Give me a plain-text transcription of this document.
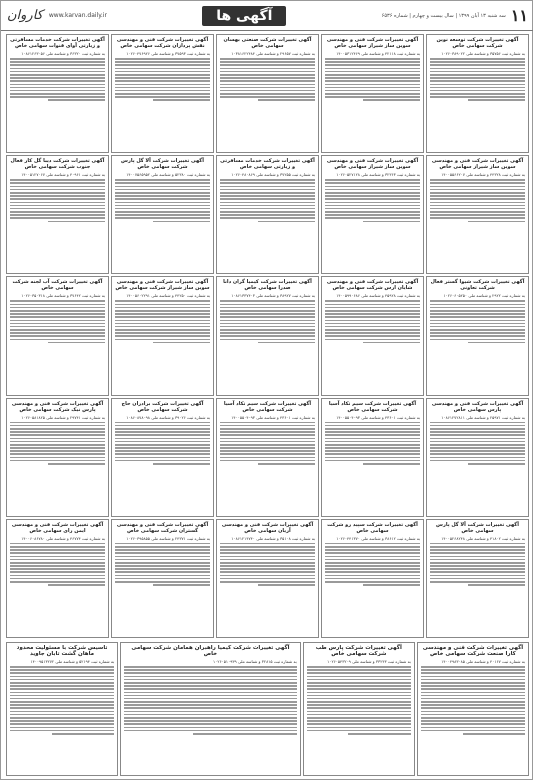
کاروان www.karvan.daily.ir	آگهی ها	سه شنبه ۱۳ آبان ۱۳۹۹ | سال بیست و چهارم | شماره ۶۵۳۶ ۱۱
آگهی تغییرات شرکت توسعه نوین شرکت سهامی خاص
به شماره ثبت ۳۵۷۵۶ و شناسه ملی ۱۰۲۶۰۳۸۹۰۲۲
آگهی تغییرات شرکت فنی و مهندسی سوین ساز شیراز سهامی خاص
به شماره ثبت ۴۲۱۱۸ و شناسه ملی ۱۴۰۰۵۳۱۲۴۶۹
آگهی تغییرات شرکت صنعتی بهسان سهامی خاص
به شماره ثبت ۲۹۶۵۷ و شناسه ملی ۱۰۳۸۱۶۲۲۴۸۴
آگهی تغییرات شرکت فنی و مهندسی نقش پردازان شرکت سهامی خاص
به شماره ثبت ۳۷۵۹۳ و شناسه ملی ۱۰۲۶۰۴۷۶۹۲۶
آگهی تغییرات شرکت خدمات مسافرتی و زیارتی آوای قنوات سهامی خاص
به شماره ثبت ۳۶۳۲۰ و شناسه ملی ۱۰۸۶۱۲۶۳۰۵۶
آگهی تغییرات شرکت فنی و مهندسی سوین ساز شیراز سهامی خاص
به شماره ثبت ۴۴۳۲۸ و شناسه ملی ۱۴۰۰۵۵۶۶۲۰۷
آگهی تغییرات شرکت فنی و مهندسی سوین ساز شیراز سهامی خاص
به شماره ثبت ۳۲۳۶۳ و شناسه ملی ۱۰۲۶۰۵۲۷۱۲۸
آگهی تغییرات شرکت خدمات مسافرتی و زیارتی سهامی خاص
به شماره ثبت ۳۷۲۵۵ و شناسه ملی ۱۰۲۶۰۴۸۰۸۶۹
آگهی تغییرات شرکت آلا گل پارس شرکت سهامی خاص
به شماره ثبت ۵۲۳۸۰ و شناسه ملی ۱۴۰۰۷۵۶۵۹۵۲
آگهی تغییرات شرکت دیبا گل کار فعال جنوب شرکت سهامی خاص
به شماره ثبت ۴۰۹۶۱ و شناسه ملی ۱۴۰۰۵۱۲۷۰۶۷
آگهی تغییرات شرکت شیوا گستر فعال شرکت تعاونی
به شماره ثبت ۲۹۲۲ و شناسه ملی ۱۰۲۶۰۶۰۵۲۵۰
آگهی تغییرات شرکت فنی و مهندسی شایان ارس شرکت سهامی خاص
به شماره ثبت ۴۵۹۲۸ و شناسه ملی ۱۴۰۰۵۹۹۰۶۸۶
آگهی تغییرات شرکت کیمیا گران دانا صدرا سهامی خاص
به شماره ثبت ۳۸۹۲۷ و شناسه ملی ۱۰۸۶۱۳۳۷۴۰۳
آگهی تغییرات شرکت فنی و مهندسی سوین ساز شیراز شرکت سهامی خاص
به شماره ثبت ۴۴۲۵۰ و شناسه ملی ۱۴۰۰۵۶۰۲۲۹۱
آگهی تغییرات شرکت آب لجنه شرکت سهامی خاص
به شماره ثبت ۳۷۶۴۲ و شناسه ملی ۱۰۲۶۰۳۵۰۳۱۸
آگهی تغییرات شرکت فنی و مهندسی پارس سهامی خاص
به شماره ثبت ۲۵۹۷۱ و شناسه ملی ۱۰۸۶۱۲۷۲۸۱۱
آگهی تغییرات شرکت سیم تکاد آسیا شرکت سهامی خاص
به شماره ثبت ۴۳۶۰۱ و شناسه ملی ۱۴۰۰۵۵۰۴۰۹۳
آگهی تغییرات شرکت سیم تکاد آسیا شرکت سهامی خاص
به شماره ثبت ۴۳۶۰۱ و شناسه ملی ۱۴۰۰۵۵۰۴۰۹۳
آگهی تغییرات شرکت برادران حاج شرکت سهامی خاص
به شماره ثبت ۳۹۰۲۶ و شناسه ملی ۱۰۸۶۰۸۷۸۰۹۸
آگهی تغییرات شرکت فنی و مهندسی پارس نیک شرکت سهامی خاص
به شماره ثبت ۲۹۷۴۱ و شناسه ملی ۱۰۲۶۰۵۸۱۸۲۵
آگهی تغییرات شرکت آلا گل پارس سهامی خاص
به شماره ثبت ۴۱۸۰۲ و شناسه ملی ۱۴۰۰۵۲۶۸۲۴۸
آگهی تغییرات شرکت سپید رو شرکت سهامی خاص
به شماره ثبت ۳۸۶۱۲ و شناسه ملی ۱۰۲۶۰۴۴۱۳۷۰
آگهی تغییرات شرکت فنی و مهندسی آریان سهامی خاص
به شماره ثبت ۳۵۱۰۸ و شناسه ملی ۱۰۸۶۱۲۱۴۷۴۰
آگهی تغییرات شرکت فنی و مهندسی گستران شرکت سهامی خاص
به شماره ثبت ۲۴۳۷۱ و شناسه ملی ۱۰۲۶۰۳۹۵۸۵۵
آگهی تغییرات شرکت فنی و مهندسی ایمن رای سهامی خاص
به شماره ثبت ۴۶۷۷۴ و شناسه ملی ۱۴۰۰۶۰۸۶۷۸۰
آگهی تغییرات شرکت فنی و مهندسی کارا صنعت شرکت سهامی خاص
به شماره ثبت ۴۰۱۶۷ و شناسه ملی ۱۴۰۰۴۹۸۳۰۸۵
آگهی تغییرات شرکت پارس طب شرکت سهامی خاص
به شماره ثبت ۳۳۲۴۳ و شناسه ملی ۱۰۲۶۰۵۴۳۲۰۹
آگهی تغییرات شرکت کیمیا راهبران همامان شرکت سهامی خاص
به شماره ثبت ۳۲۸۱۵ و شناسه ملی ۱۰۲۶۰۵۱۰۹۳۹
تاسیس شرکت با مسئولیت محدود ماهان گشت تابان جاوید
به شماره ثبت ۵۲۱۹۴ و شناسه ملی ۱۴۰۰۹۵۱۳۲۷۲
